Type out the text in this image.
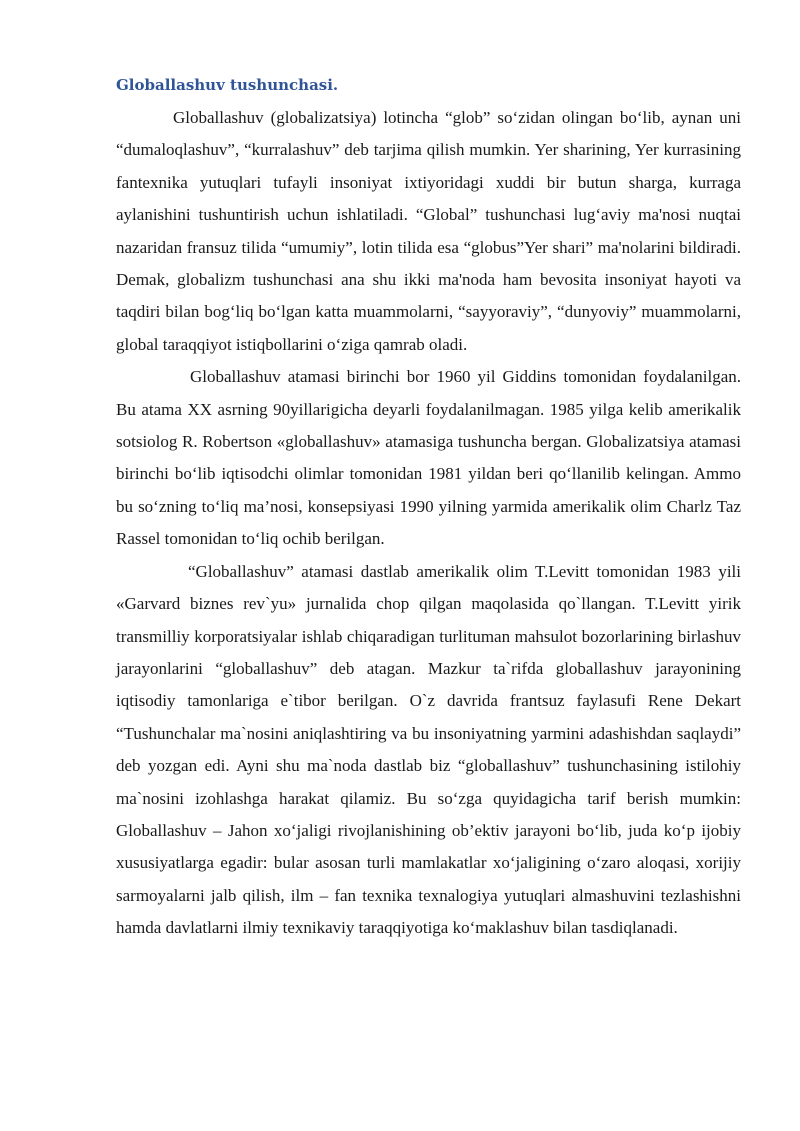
Globallashuv tushunchasi.

Globallashuv (globalizatsiya) lotincha “glob” so‘zidan olingan bo‘lib, aynan uni “dumaloqlashuv”, “kurralashuv” deb tarjima qilish mumkin. Yer sharining, Yer kurrasining fantexnika yutuqlari tufayli insoniyat ixtiyoridagi xuddi bir butun sharga, kurraga aylanishini tushuntirish uchun ishlatiladi. “Global” tushunchasi lug‘aviy ma'nosi nuqtai nazaridan fransuz tilida “umumiy”, lotin tilida esa “globus”Yer shari” ma'nolarini bildiradi. Demak, globalizm tushunchasi ana shu ikki ma'noda ham bevosita insoniyat hayoti va taqdiri bilan bog‘liq bo‘lgan katta muammolarni, “sayyoraviy”, “dunyoviy” muammolarni, global taraqqiyot istiqbollarini o‘ziga qamrab oladi.

Globallashuv atamasi birinchi bor 1960 yil Giddins tomonidan foydalanilgan. Bu atama XX asrning 90yillarigicha deyarli foydalanilmagan. 1985 yilga kelib amerikalik sotsiolog R. Robertson «globallashuv» atamasiga tushuncha bergan. Globalizatsiya atamasi birinchi bo‘lib iqtisodchi olimlar tomonidan 1981 yildan beri qo‘llanilib kelingan. Ammo bu so‘zning to‘liq ma’nosi, konsepsiyasi 1990 yilning yarmida amerikalik olim Charlz Taz Rassel tomonidan to‘liq ochib berilgan.

“Globallashuv” atamasi dastlab amerikalik olim T.Levitt tomonidan 1983 yili «Garvard biznes rev`yu» jurnalida chop qilgan maqolasida qo`llangan. T.Levitt yirik transmilliy korporatsiyalar ishlab chiqaradigan turlituman mahsulot bozorlarining birlashuv jarayonlarini “globallashuv” deb atagan. Mazkur ta`rifda globallashuv jarayonining iqtisodiy tamonlariga e`tibor berilgan. O`z davrida frantsuz faylasufi Rene Dekart “Tushunchalar ma`nosini aniqlashtiring va bu insoniyatning yarmini adashishdan saqlaydi” deb yozgan edi. Ayni shu ma`noda dastlab biz “globallashuv” tushunchasining istilohiy ma`nosini izohlashga harakat qilamiz. Bu so‘zga quyidagicha tarif berish mumkin: Globallashuv – Jahon xo‘jaligi rivojlanishining ob’ektiv jarayoni bo‘lib, juda ko‘p ijobiy xususiyatlarga egadir: bular asosan turli mamlakatlar xo‘jaligining o‘zaro aloqasi, xorijiy sarmoyalarni jalb qilish, ilm – fan texnika texnalogiya yutuqlari almashuvini tezlashishni hamda davlatlarni ilmiy texnikaviy taraqqiyotiga ko‘maklashuv bilan tasdiqlanadi.
